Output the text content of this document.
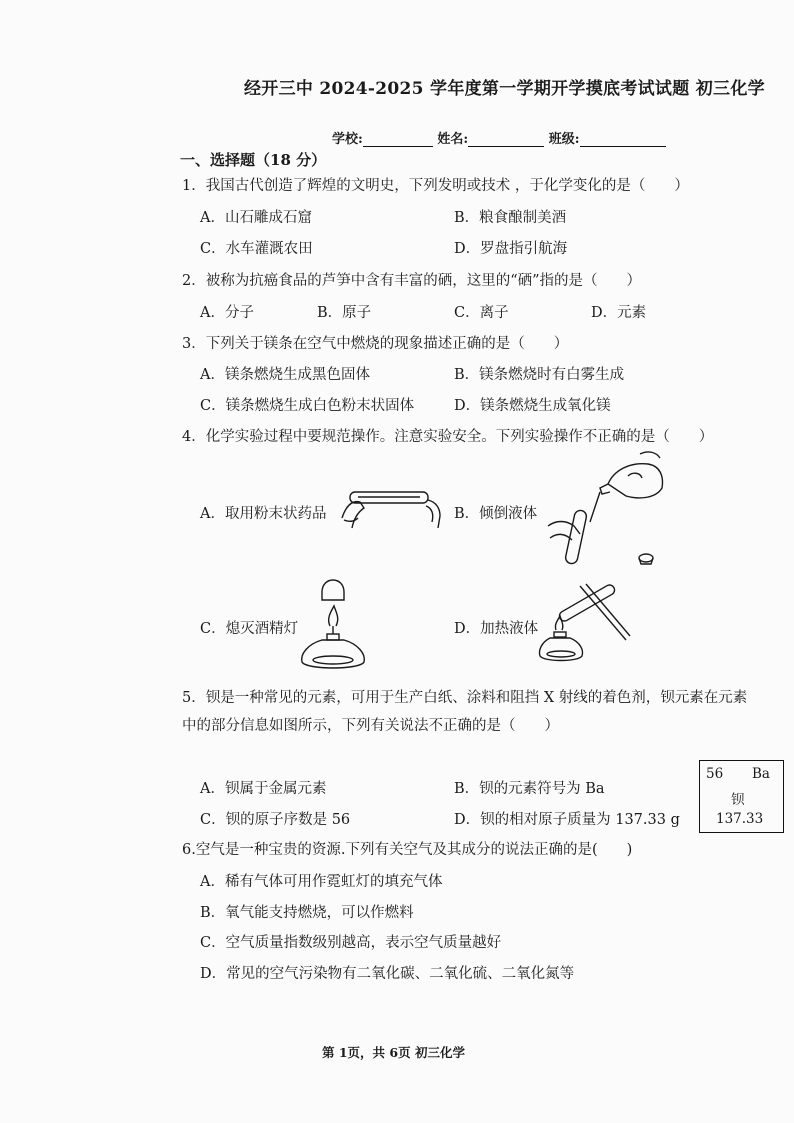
经开三中 2024-2025 学年度第一学期开学摸底考试试题 初三化学
学校:	姓名:	班级:
一、选择题（18 分）
1．我国古代创造了辉煌的文明史，下列发明或技术 ，于化学变化的是（　　）
A．山石雕成石窟	B．粮食酿制美酒
C．水车灌溉农田	D．罗盘指引航海
2．被称为抗癌食品的芦笋中含有丰富的硒，这里的“硒”指的是（　　）
A．分子	B．原子	C．离子	D．元素
3．下列关于镁条在空气中燃烧的现象描述正确的是（　　）
A．镁条燃烧生成黑色固体	B．镁条燃烧时有白雾生成
C．镁条燃烧生成白色粉末状固体	D．镁条燃烧生成氧化镁
4．化学实验过程中要规范操作。注意实验安全。下列实验操作不正确的是（　　）
A．取用粉末状药品	B．倾倒液体
C．熄灭酒精灯	D．加热液体
5．钡是一种常见的元素，可用于生产白纸、涂料和阻挡 X 射线的着色剂，钡元素在元素
中的部分信息如图所示，下列有关说法不正确的是（　　）
A．钡属于金属元素	B．钡的元素符号为 Ba
C．钡的原子序数是 56	D．钡的相对原子质量为 137.33 g
56 Ba
钡
137.33
6.空气是一种宝贵的资源.下列有关空气及其成分的说法正确的是(　　)
A．稀有气体可用作霓虹灯的填充气体
B．氧气能支持燃烧，可以作燃料
C．空气质量指数级别越高，表示空气质量越好
D．常见的空气污染物有二氧化碳、二氧化硫、二氧化氮等
第 1页，共 6页 初三化学
